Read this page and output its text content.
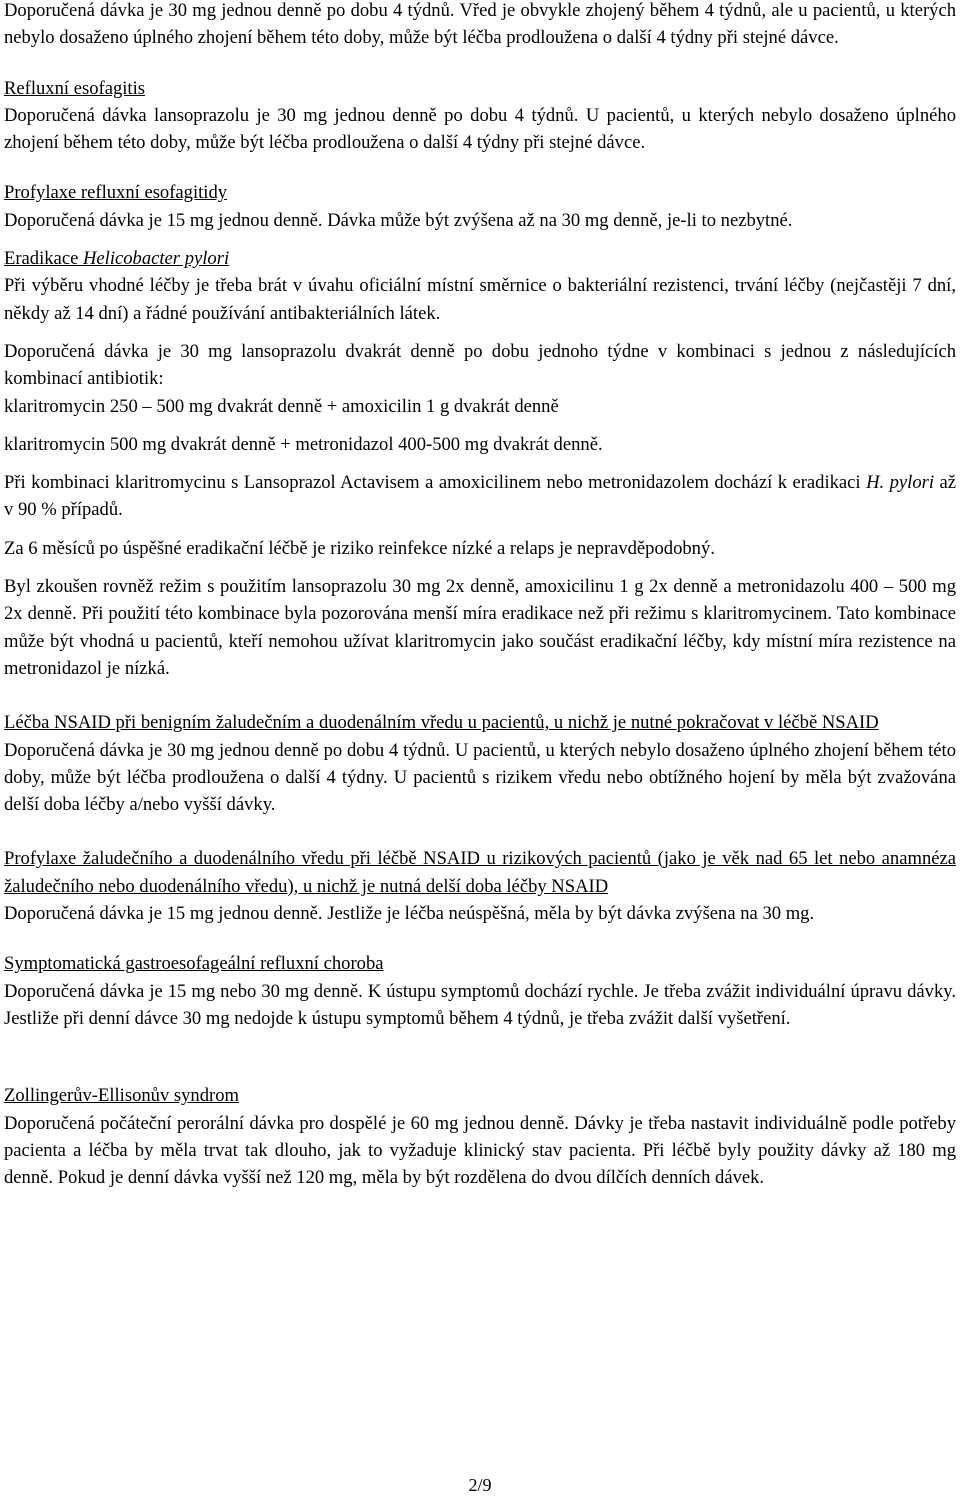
Doporučená dávka je 30 mg jednou denně po dobu 4 týdnů. Vřed je obvykle zhojený během 4 týdnů, ale u pacientů, u kterých nebylo dosaženo úplného zhojení během této doby, může být léčba prodloužena o další 4 týdny při stejné dávce.

Refluxní esofagitis

Doporučená dávka lansoprazolu je 30 mg jednou denně po dobu 4 týdnů. U pacientů, u kterých nebylo dosaženo úplného zhojení během této doby, může být léčba prodloužena o další 4 týdny při stejné dávce.

Profylaxe refluxní esofagitidy

Doporučená dávka je 15 mg jednou denně. Dávka může být zvýšena až na 30 mg denně, je-li to nezbytné.

Eradikace Helicobacter pylori

Při výběru vhodné léčby je třeba brát v úvahu oficiální místní směrnice o bakteriální rezistenci, trvání léčby (nejčastěji 7 dní, někdy až 14 dní) a řádné používání antibakteriálních látek.

Doporučená dávka je 30 mg lansoprazolu dvakrát denně po dobu jednoho týdne v kombinaci s jednou z následujících kombinací antibiotik:

klaritromycin 250 – 500 mg dvakrát denně + amoxicilin 1 g dvakrát denně

klaritromycin 500 mg dvakrát denně + metronidazol 400-500 mg dvakrát denně.

Při kombinaci klaritromycinu s Lansoprazol Actavisem a amoxicilinem nebo metronidazolem dochází k eradikaci H. pylori až v 90 % případů.

Za 6 měsíců po úspěšné eradikační léčbě je riziko reinfekce nízké a relaps je nepravděpodobný.

Byl zkoušen rovněž režim s použitím lansoprazolu 30 mg 2x denně, amoxicilinu 1 g 2x denně a metronidazolu 400 – 500 mg 2x denně. Při použití této kombinace byla pozorována menší míra eradikace než při režimu s klaritromycinem. Tato kombinace může být vhodná u pacientů, kteří nemohou užívat klaritromycin jako součást eradikační léčby, kdy místní míra rezistence na metronidazol je nízká.

Léčba NSAID při benigním žaludečním a duodenálním vředu u pacientů, u nichž je nutné pokračovat v léčbě NSAID

Doporučená dávka je 30 mg jednou denně po dobu 4 týdnů. U pacientů, u kterých nebylo dosaženo úplného zhojení během této doby, může být léčba prodloužena o další 4 týdny. U pacientů s rizikem vředu nebo obtížného hojení by měla být zvažována delší doba léčby a/nebo vyšší dávky.

Profylaxe žaludečního a duodenálního vředu při léčbě NSAID u rizikových pacientů (jako je věk nad 65 let nebo anamnéza žaludečního nebo duodenálního vředu), u nichž je nutná delší doba léčby NSAID

Doporučená dávka je 15 mg jednou denně. Jestliže je léčba neúspěšná, měla by být dávka zvýšena na 30 mg.

Symptomatická gastroesofageální refluxní choroba

Doporučená dávka je 15 mg nebo 30 mg denně. K ústupu symptomů dochází rychle. Je třeba zvážit individuální úpravu dávky. Jestliže při denní dávce 30 mg nedojde k ústupu symptomů během 4 týdnů, je třeba zvážit další vyšetření.

Zollingerův-Ellisonův syndrom

Doporučená počáteční perorální dávka pro dospělé je 60 mg jednou denně. Dávky je třeba nastavit individuálně podle potřeby pacienta a léčba by měla trvat tak dlouho, jak to vyžaduje klinický stav pacienta. Při léčbě byly použity dávky až 180 mg denně. Pokud je denní dávka vyšší než 120 mg, měla by být rozdělena do dvou dílčích denních dávek.

2/9
